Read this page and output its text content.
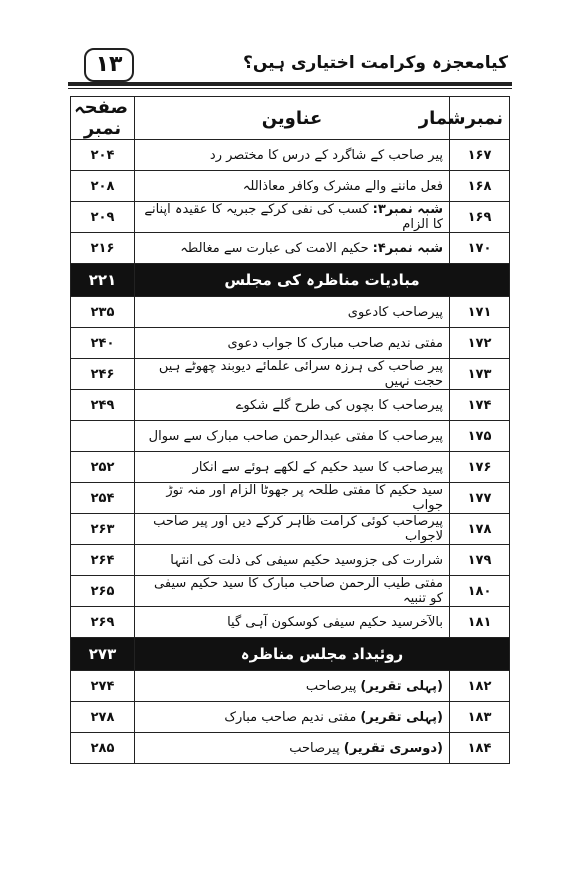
۱۳	کیامعجزہ وکرامت اختیاری ہیں؟
نمبرشمار	عناوین	صفحہ نمبر
۱۶۷	پیر صاحب کے شاگرد کے درس کا مختصر رد	۲۰۴
۱۶۸	فعل ماننے والے مشرک وکافر معاذاللہ	۲۰۸
۱۶۹	شبہ نمبر۳:کسب کی نفی کرکے جبریہ کا عقیدہ اپنانے کا الزام	۲۰۹
۱۷۰	شبہ نمبر۴:حکیم الامت کی عبارت سے مغالطہ	۲۱۶
مبادیات مناظرہ کی مجلس		۲۲۱
۱۷۱	پیرصاحب کادعوی	۲۳۵
۱۷۲	مفتی ندیم صاحب مبارک کا جواب دعوی	۲۴۰
۱۷۳	پیر صاحب کی ہرزہ سرائی علمائے دیوبند چھوٹے ہیں حجت نہیں	۲۴۶
۱۷۴	پیرصاحب کا بچوں کی طرح گلے شکوے	۲۴۹
۱۷۵	پیرصاحب کا مفتی عبدالرحمن صاحب مبارک سے سوال	
۱۷۶	پیرصاحب کا سید حکیم کے لکھے ہوئے سے انکار	۲۵۲
۱۷۷	سید حکیم کا مفتی طلحہ پر جھوٹا الزام اور منہ توڑ جواب	۲۵۴
۱۷۸	پیرصاحب کوئی کرامت ظاہر کرکے دیں اور پیر صاحب لاجواب	۲۶۳
۱۷۹	شرارت کی جزوسید حکیم سیفی کی ذلت کی انتہا	۲۶۴
۱۸۰	مفتی طیب الرحمن صاحب مبارک کا سید حکیم سیفی کو تنبیہ	۲۶۵
۱۸۱	بالآخرسید حکیم سیفی کوسکون آہی گیا	۲۶۹
روئیداد مجلس مناظرہ		۲۷۳
۱۸۲	(پہلی تقریر)پیرصاحب	۲۷۴
۱۸۳	(پہلی تقریر)مفتی ندیم صاحب مبارک	۲۷۸
۱۸۴	(دوسری تقریر)پیرصاحب	۲۸۵
